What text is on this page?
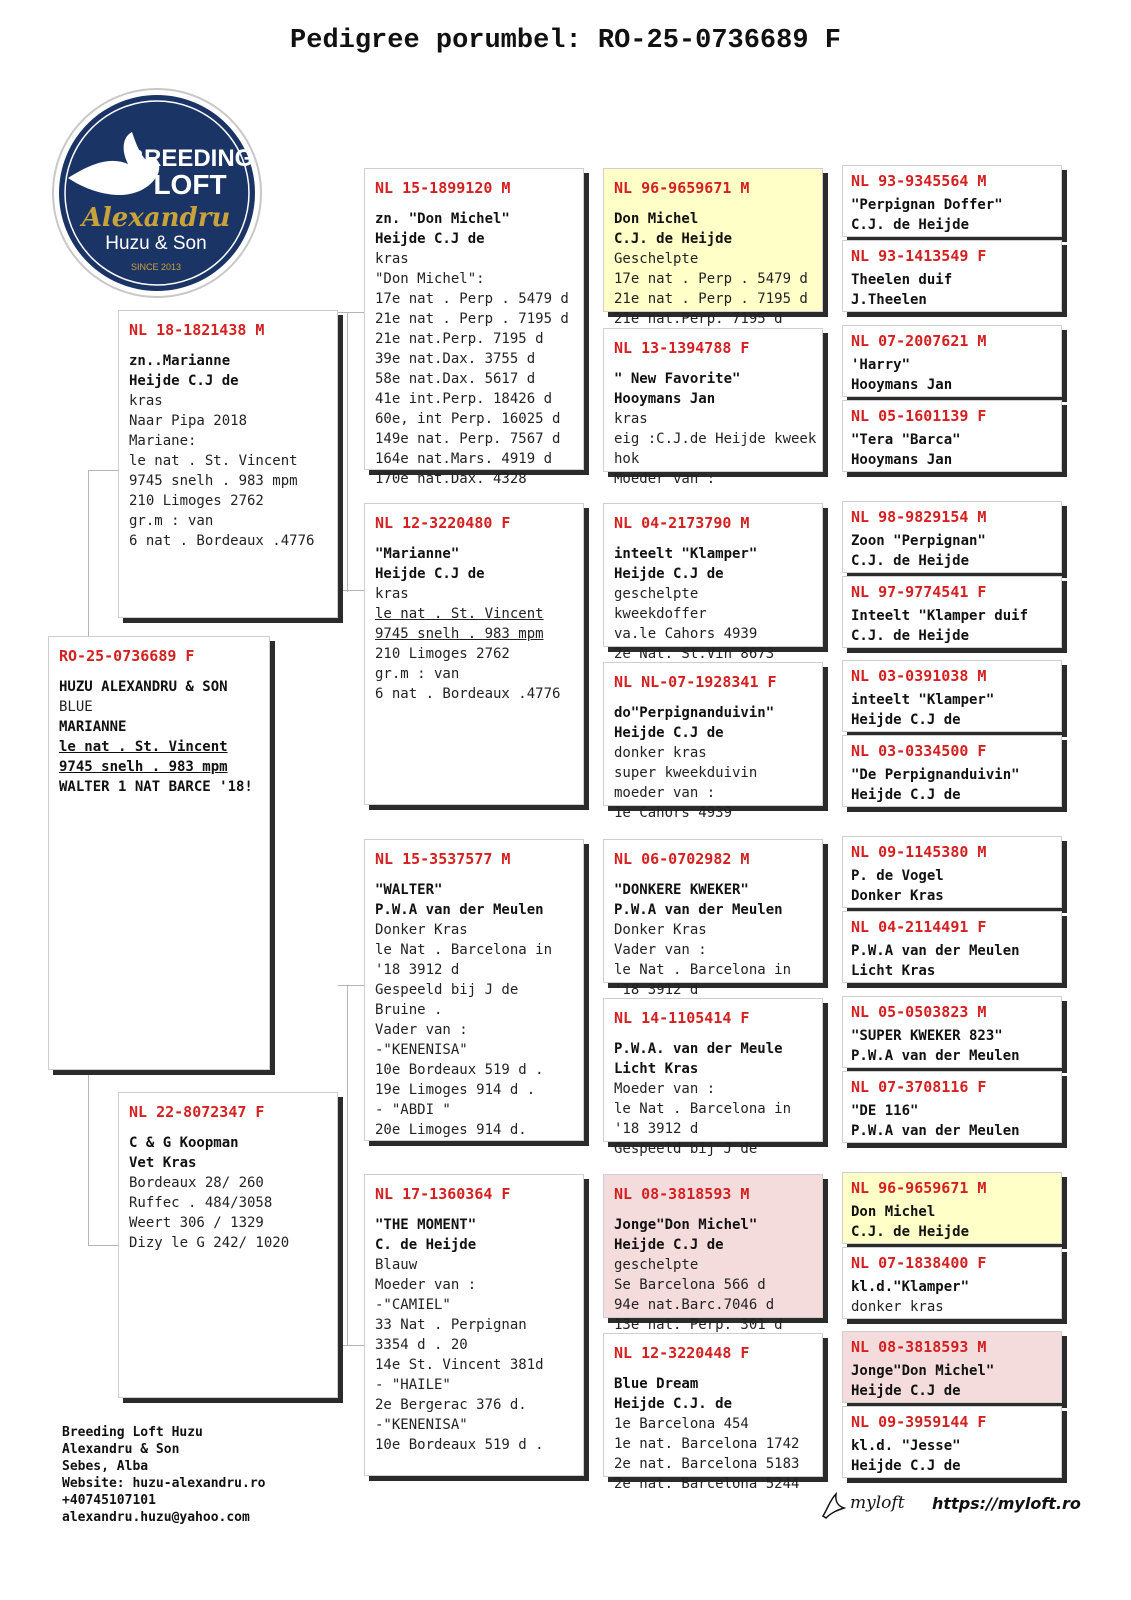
Pedigree porumbel: RO-25-0736689 F
BREEDING
LOFT
Alexandru
Huzu & Son
SINCE 2013
RO-25-0736689 F
HUZU ALEXANDRU & SON
BLUE
MARIANNE
le nat . St. Vincent
9745 snelh . 983 mpm
WALTER 1 NAT BARCE '18!
NL 18-1821438 M
zn..Marianne
Heijde C.J de
kras
Naar Pipa 2018
Mariane:
le nat . St. Vincent
9745 snelh . 983 mpm
210 Limoges 2762
gr.m : van
6 nat . Bordeaux .4776
NL 22-8072347 F
C & G Koopman
Vet Kras
Bordeaux 28/ 260
Ruffec . 484/3058
Weert 306 / 1329
Dizy le G 242/ 1020
NL 15-1899120 M
zn. "Don Michel"
Heijde C.J de
kras
"Don Michel":
17e nat . Perp . 5479 d
21e nat . Perp . 7195 d
21e nat.Perp. 7195 d
39e nat.Dax. 3755 d
58e nat.Dax. 5617 d
41e int.Perp. 18426 d
60e, int Perp. 16025 d
149e nat. Perp. 7567 d
164e nat.Mars. 4919 d
170e nat.Dax. 4328
NL 12-3220480 F
"Marianne"
Heijde C.J de
kras
le nat . St. Vincent
9745 snelh . 983 mpm
210 Limoges 2762
gr.m : van
6 nat . Bordeaux .4776
NL 15-3537577 M
"WALTER"
P.W.A van der Meulen
Donker Kras
le Nat . Barcelona in
'18 3912 d
Gespeeld bij J de
Bruine .
Vader van :
-"KENENISA"
10e Bordeaux 519 d .
19e Limoges 914 d .
- "ABDI "
20e Limoges 914 d.
NL 17-1360364 F
"THE MOMENT"
C. de Heijde
Blauw
Moeder van :
-"CAMIEL"
33 Nat . Perpignan
3354 d . 20
14e St. Vincent 381d
- "HAILE"
2e Bergerac 376 d.
-"KENENISA"
10e Bordeaux 519 d .
NL 96-9659671 M
Don Michel
C.J. de Heijde
Geschelpte
17e nat . Perp . 5479 d
21e nat . Perp . 7195 d
21e nat.Perp. 7195 d
NL 13-1394788 F
" New Favorite"
Hooymans Jan
kras
eig :C.J.de Heijde kweek
hok
Moeder van :
NL 04-2173790 M
inteelt "Klamper"
Heijde C.J de
geschelpte
kweekdoffer
va.le Cahors 4939
2e Nat. St.Vin 8673
NL NL-07-1928341 F
do"Perpignanduivin"
Heijde C.J de
donker kras
super kweekduivin
moeder van :
1e Cahors 4939
NL 06-0702982 M
"DONKERE KWEKER"
P.W.A van der Meulen
Donker Kras
Vader van :
le Nat . Barcelona in
'18 3912 d
NL 14-1105414 F
P.W.A. van der Meule
Licht Kras
Moeder van :
le Nat . Barcelona in
'18 3912 d
Gespeeld bij J de
NL 08-3818593 M
Jonge"Don Michel"
Heijde C.J de
geschelpte
Se Barcelona 566 d
94e nat.Barc.7046 d
13e nat. Perp. 301 d
NL 12-3220448 F
Blue Dream
Heijde C.J. de
1e Barcelona 454
1e nat. Barcelona 1742
2e nat. Barcelona 5183
2e nat. Barcelona 5244
NL 93-9345564 M
"Perpignan Doffer"
C.J. de Heijde
NL 93-1413549 F
Theelen duif
J.Theelen
NL 07-2007621 M
'Harry"
Hooymans Jan
NL 05-1601139 F
"Tera "Barca"
Hooymans Jan
NL 98-9829154 M
Zoon "Perpignan"
C.J. de Heijde
NL 97-9774541 F
Inteelt "Klamper duif
C.J. de Heijde
NL 03-0391038 M
inteelt "Klamper"
Heijde C.J de
NL 03-0334500 F
"De Perpignanduivin"
Heijde C.J de
NL 09-1145380 M
P. de Vogel
Donker Kras
NL 04-2114491 F
P.W.A van der Meulen
Licht Kras
NL 05-0503823 M
"SUPER KWEKER 823"
P.W.A van der Meulen
NL 07-3708116 F
"DE 116"
P.W.A van der Meulen
NL 96-9659671 M
Don Michel
C.J. de Heijde
NL 07-1838400 F
kl.d."Klamper"
donker kras
NL 08-3818593 M
Jonge"Don Michel"
Heijde C.J de
NL 09-3959144 F
kl.d. "Jesse"
Heijde C.J de
Breeding Loft Huzu
Alexandru & Son
Sebes, Alba
Website: huzu-alexandru.ro
+40745107101
alexandru.huzu@yahoo.com
myloft https://myloft.ro
